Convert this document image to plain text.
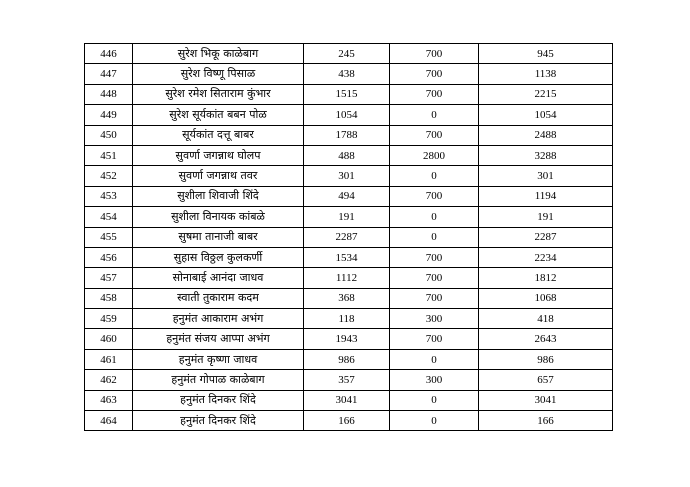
446	सुरेश भिकू काळेबाग	245	700	945
447	सुरेश विष्णू पिसाळ	438	700	1138
448	सुरेश रमेश सिताराम कुंभार	1515	700	2215
449	सुरेश सूर्यकांत बबन पोळ	1054	0	1054
450	सूर्यकांत दत्तू बाबर	1788	700	2488
451	सुवर्णा जगन्नाथ घोलप	488	2800	3288
452	सुवर्णा जगन्नाथ तवर	301	0	301
453	सुशीला शिवाजी शिंदे	494	700	1194
454	सुशीला विनायक कांबळे	191	0	191
455	सुषमा तानाजी बाबर	2287	0	2287
456	सुहास विठ्ठल कुलकर्णी	1534	700	2234
457	सोनाबाई आनंदा जाधव	1112	700	1812
458	स्वाती तुकाराम कदम	368	700	1068
459	हनुमंत आकाराम अभंग	118	300	418
460	हनुमंत संजय आप्पा अभंग	1943	700	2643
461	हनुमंत कृष्णा जाधव	986	0	986
462	हनुमंत गोपाळ काळेबाग	357	300	657
463	हनुमंत दिनकर शिंदे	3041	0	3041
464	हनुमंत दिनकर शिंदे	166	0	166
